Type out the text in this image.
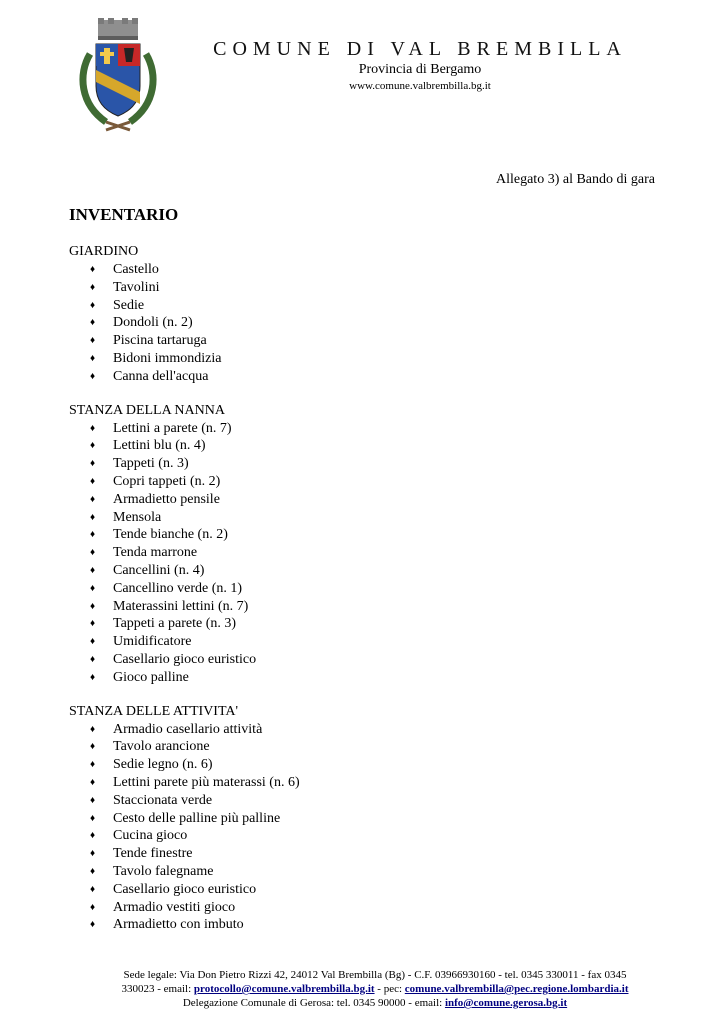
COMUNE DI VAL BREMBILLA
Provincia di Bergamo
www.comune.valbrembilla.bg.it
Allegato 3) al Bando di gara
INVENTARIO
GIARDINO
♦ Castello
♦ Tavolini
♦ Sedie
♦ Dondoli (n. 2)
♦ Piscina tartaruga
♦ Bidoni immondizia
♦ Canna dell'acqua
STANZA DELLA NANNA
♦ Lettini a parete (n. 7)
♦ Lettini blu (n. 4)
♦ Tappeti (n. 3)
♦ Copri tappeti (n. 2)
♦ Armadietto pensile
♦ Mensola
♦ Tende bianche (n. 2)
♦ Tenda marrone
♦ Cancellini (n. 4)
♦ Cancellino verde (n. 1)
♦ Materassini lettini (n. 7)
♦ Tappeti a parete (n. 3)
♦ Umidificatore
♦ Casellario gioco euristico
♦ Gioco palline
STANZA DELLE ATTIVITA'
♦ Armadio casellario attività
♦ Tavolo arancione
♦ Sedie legno (n. 6)
♦ Lettini parete più materassi (n. 6)
♦ Staccionata verde
♦ Cesto delle palline più palline
♦ Cucina gioco
♦ Tende finestre
♦ Tavolo falegname
♦ Casellario gioco euristico
♦ Armadio vestiti gioco
♦ Armadietto con imbuto
Sede legale: Via Don Pietro Rizzi 42, 24012 Val Brembilla (Bg) - C.F. 03966930160 - tel. 0345 330011 - fax 0345
330023 - email: protocollo@comune.valbrembilla.bg.it - pec: comune.valbrembilla@pec.regione.lombardia.it
Delegazione Comunale di Gerosa: tel. 0345 90000 - email: info@comune.gerosa.bg.it
